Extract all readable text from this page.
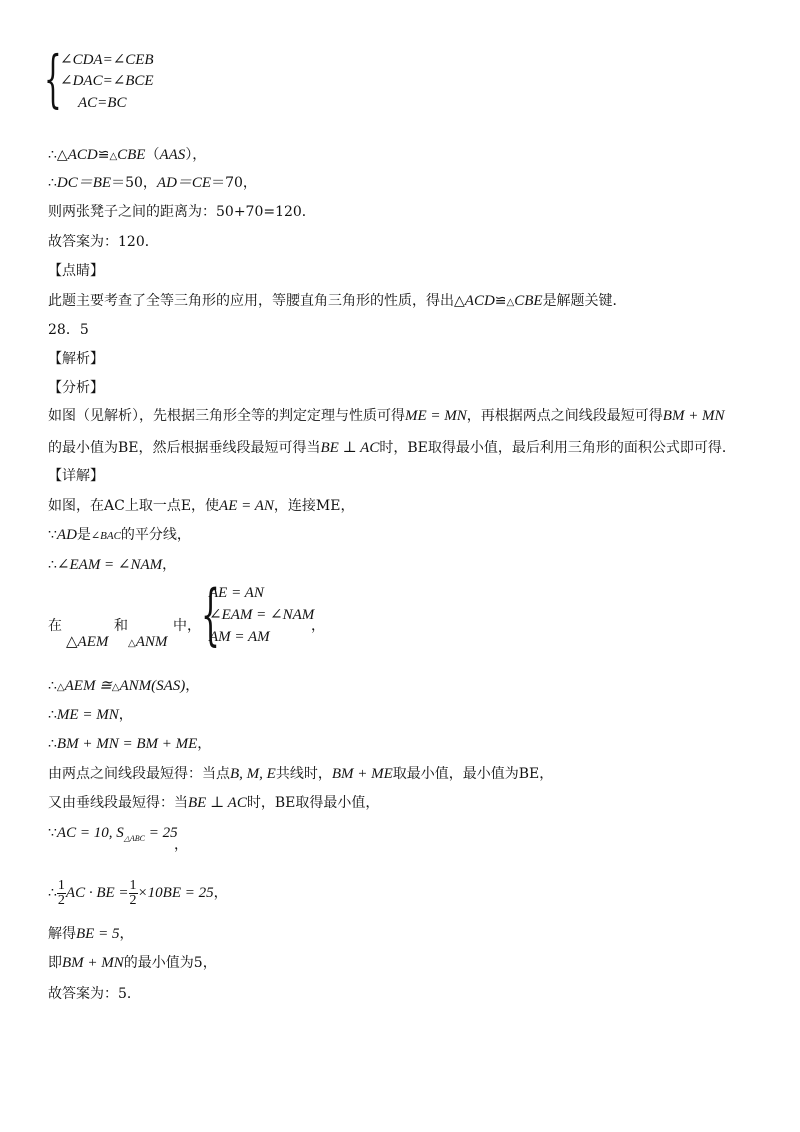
{
∠CDA=∠CEB
∠DAC=∠BCE
AC=BC
∴△ACD≌△CBE（AAS），
∴DC＝BE＝50，AD＝CE＝70，
则两张凳子之间的距离为：50+70=120．
故答案为：120．
【点睛】
此题主要考查了全等三角形的应用，等腰直角三角形的性质，得出△ACD≌△CBE是解题关键．
28．5
【解析】
【分析】
如图（见解析），先根据三角形全等的判定定理与性质可得ME = MN，再根据两点之间线段最短可得BM + MN
的最小值为BE，然后根据垂线段最短可得当BE ⊥ AC时，BE取得最小值，最后利用三角形的面积公式即可得．
【详解】
如图，在AC上取一点E，使AE = AN，连接ME，
∵AD是∠BAC的平分线，
∴∠EAM = ∠NAM，
在
△AEM
和
△ANM
中， {
AE = AN
∠EAM = ∠NAM
AM = AM
，
∴△AEM ≅△ANM(SAS)，
∴ME = MN，
∴BM + MN = BM + ME，
由两点之间线段最短得：当点B, M, E共线时，BM + ME取最小值，最小值为BE，
又由垂线段最短得：当BE ⊥ AC时，BE取得最小值，
∵AC = 10, $S_{\triangle ABC} = 25$
，
∴ $\frac{1}{2}$ AC · BE = $\frac{1}{2} \times 10BE = 25$，
解得BE = 5，
即BM + MN的最小值为5，
故答案为：5．
